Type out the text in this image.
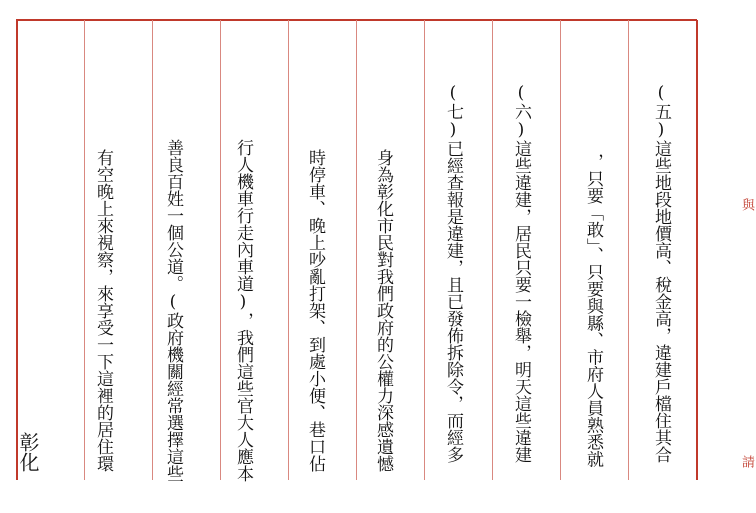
(五)這些地段地價高、稅金高，違建戶檔住其合
，只要「敢」、只要與縣、市府人員熟悉就
(六)這些違建，居民只要一檢舉，明天這些違建
(七)已經查報是違建，且已發佈拆除令，而經多
身為彰化市民對我們政府的公權力深感遺憾
時停車、晚上吵亂打架、到處小便、巷口佔
行人機車行走內車道)，我們這些官大人應本
善良百姓一個公道。(政府機關經常選擇這些
有空晚上來視察，來享受一下這裡的居住環
彰化
與
請
